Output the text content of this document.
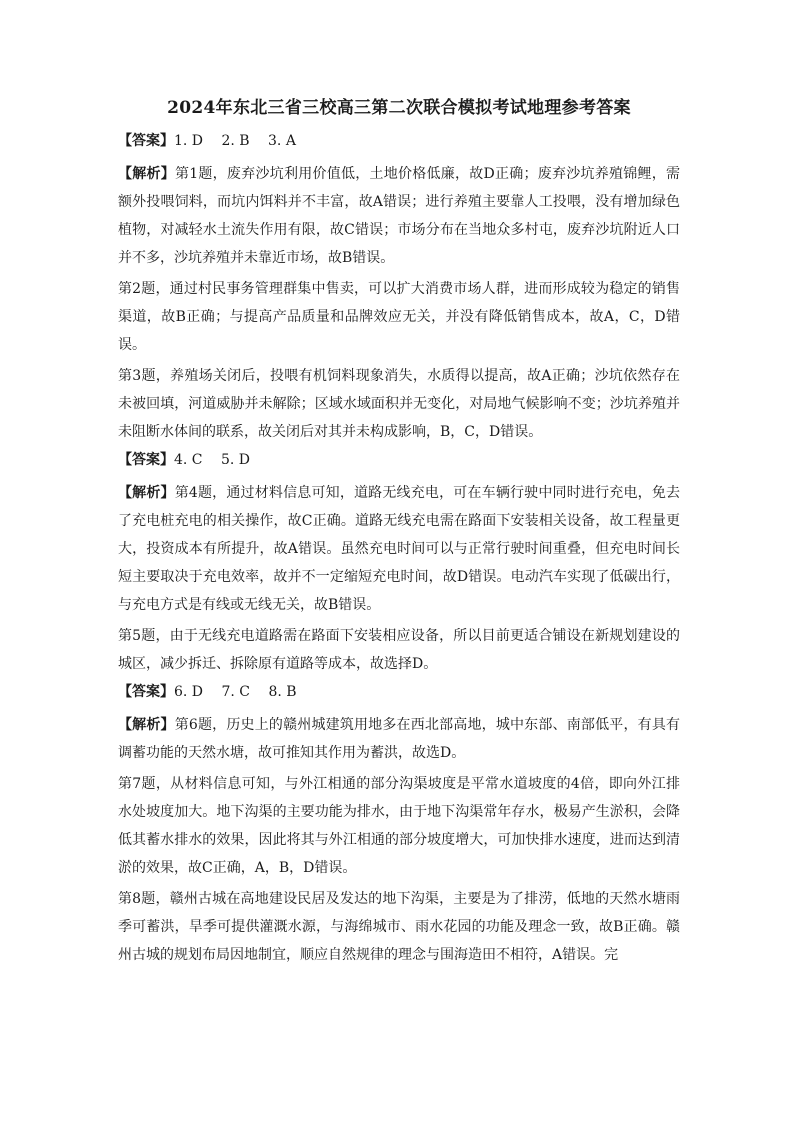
2024年东北三省三校高三第二次联合模拟考试地理参考答案

【答案】1. D　 2. B　 3. A

【解析】第1题，废弃沙坑利用价值低，土地价格低廉，故D正确；废弃沙坑养殖锦鲤，需额外投喂饲料，而坑内饵料并不丰富，故A错误；进行养殖主要靠人工投喂，没有增加绿色植物，对减轻水土流失作用有限，故C错误；市场分布在当地众多村屯，废弃沙坑附近人口并不多，沙坑养殖并未靠近市场，故B错误。

第2题，通过村民事务管理群集中售卖，可以扩大消费市场人群，进而形成较为稳定的销售渠道，故B正确；与提高产品质量和品牌效应无关，并没有降低销售成本，故A，C，D错误。

第3题，养殖场关闭后，投喂有机饲料现象消失，水质得以提高，故A正确；沙坑依然存在未被回填，河道威胁并未解除；区域水域面积并无变化，对局地气候影响不变；沙坑养殖并未阻断水体间的联系，故关闭后对其并未构成影响，B，C，D错误。

【答案】4. C　 5. D

【解析】第4题，通过材料信息可知，道路无线充电，可在车辆行驶中同时进行充电，免去了充电桩充电的相关操作，故C正确。道路无线充电需在路面下安装相关设备，故工程量更大，投资成本有所提升，故A错误。虽然充电时间可以与正常行驶时间重叠，但充电时间长短主要取决于充电效率，故并不一定缩短充电时间，故D错误。电动汽车实现了低碳出行，与充电方式是有线或无线无关，故B错误。

第5题，由于无线充电道路需在路面下安装相应设备，所以目前更适合铺设在新规划建设的城区，减少拆迁、拆除原有道路等成本，故选择D。

【答案】6. D　 7. C　 8. B

【解析】第6题，历史上的赣州城建筑用地多在西北部高地，城中东部、南部低平，有具有调蓄功能的天然水塘，故可推知其作用为蓄洪，故选D。

第7题，从材料信息可知，与外江相通的部分沟渠坡度是平常水道坡度的4倍，即向外江排水处坡度加大。地下沟渠的主要功能为排水，由于地下沟渠常年存水，极易产生淤积，会降低其蓄水排水的效果，因此将其与外江相通的部分坡度增大，可加快排水速度，进而达到清淤的效果，故C正确，A，B，D错误。

第8题，赣州古城在高地建设民居及发达的地下沟渠，主要是为了排涝，低地的天然水塘雨季可蓄洪，旱季可提供灌溉水源，与海绵城市、雨水花园的功能及理念一致，故B正确。赣州古城的规划布局因地制宜，顺应自然规律的理念与围海造田不相符，A错误。完
